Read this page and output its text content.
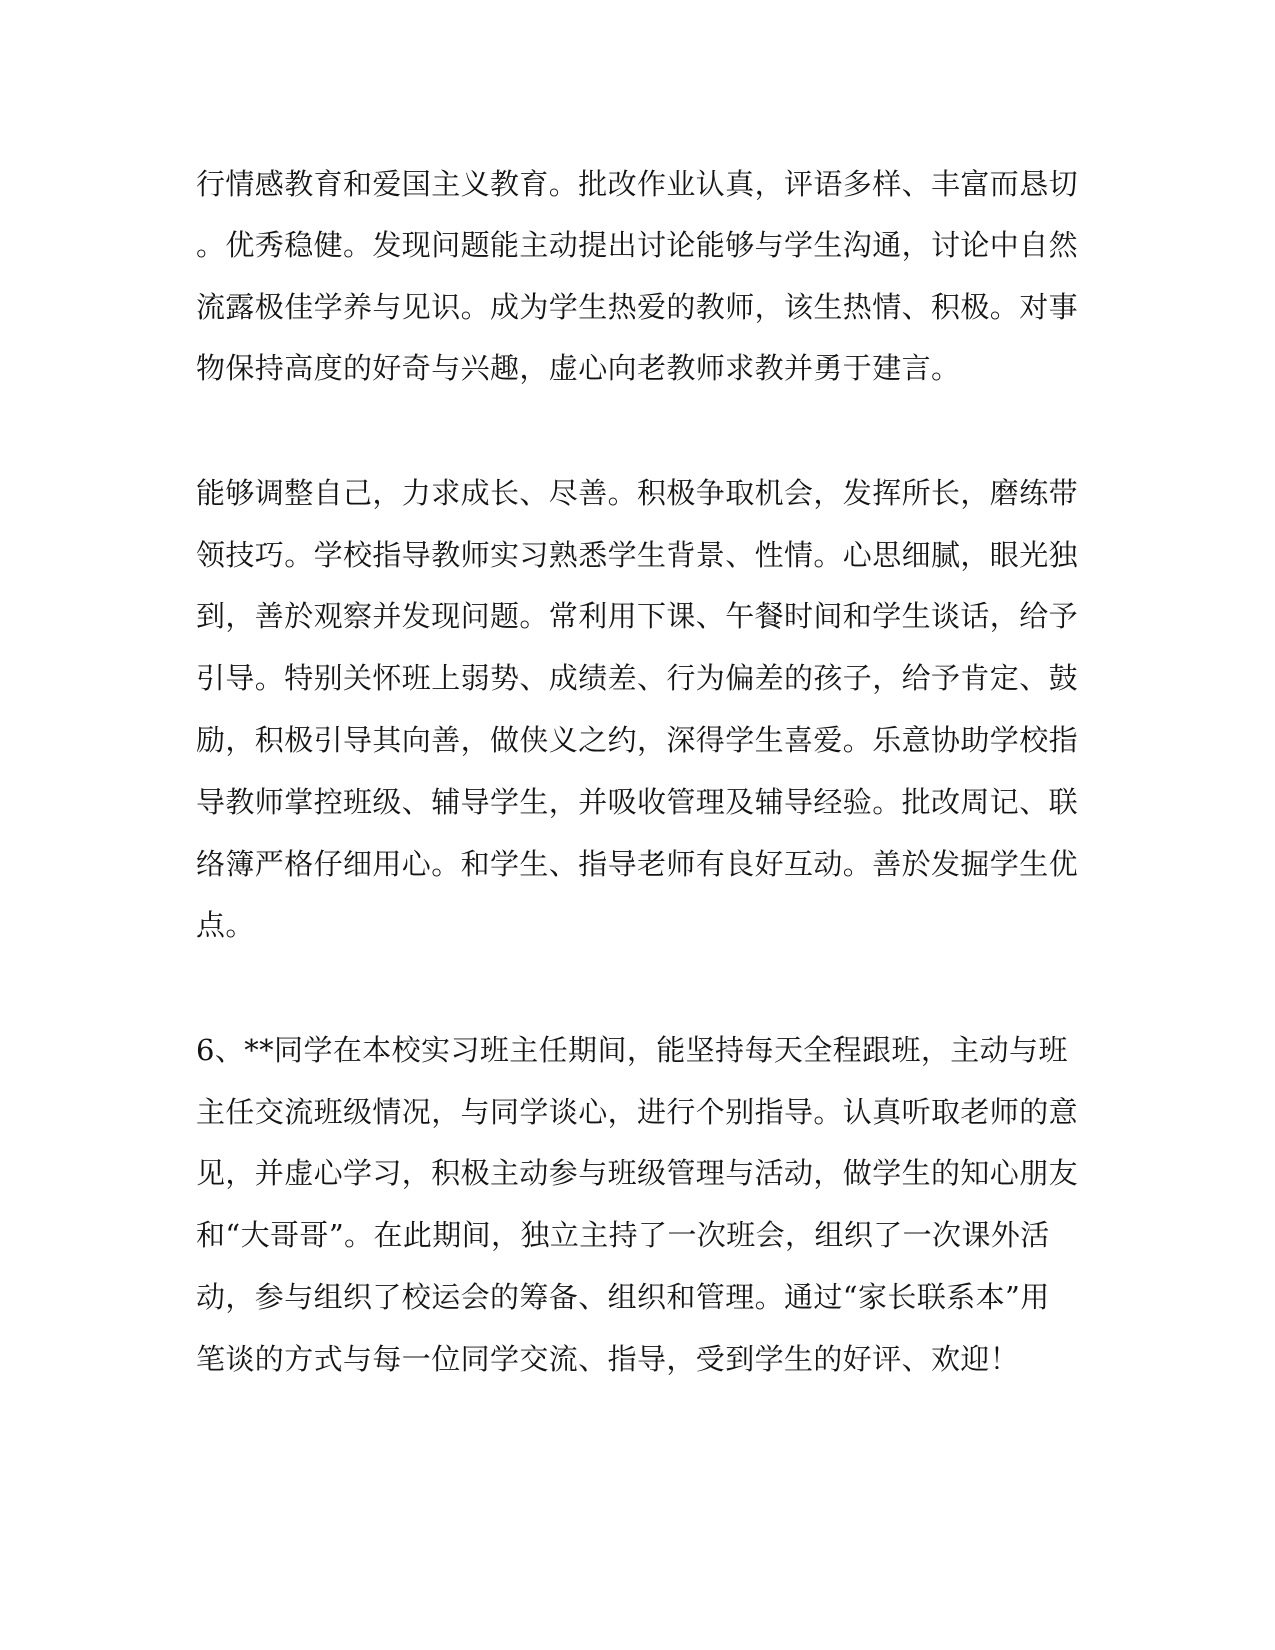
行情感教育和爱国主义教育。批改作业认真，评语多样、丰富而恳切
。优秀稳健。发现问题能主动提出讨论能够与学生沟通，讨论中自然
流露极佳学养与见识。成为学生热爱的教师，该生热情、积极。对事
物保持高度的好奇与兴趣，虚心向老教师求教并勇于建言。
能够调整自己，力求成长、尽善。积极争取机会，发挥所长，磨练带
领技巧。学校指导教师实习熟悉学生背景、性情。心思细腻，眼光独
到，善於观察并发现问题。常利用下课、午餐时间和学生谈话，给予
引导。特别关怀班上弱势、成绩差、行为偏差的孩子，给予肯定、鼓
励，积极引导其向善，做侠义之约，深得学生喜爱。乐意协助学校指
导教师掌控班级、辅导学生，并吸收管理及辅导经验。批改周记、联
络簿严格仔细用心。和学生、指导老师有良好互动。善於发掘学生优
点。
6、**同学在本校实习班主任期间，能坚持每天全程跟班，主动与班
主任交流班级情况，与同学谈心，进行个别指导。认真听取老师的意
见，并虚心学习，积极主动参与班级管理与活动，做学生的知心朋友
和“大哥哥”。在此期间，独立主持了一次班会，组织了一次课外活
动，参与组织了校运会的筹备、组织和管理。通过“家长联系本”用
笔谈的方式与每一位同学交流、指导，受到学生的好评、欢迎！
